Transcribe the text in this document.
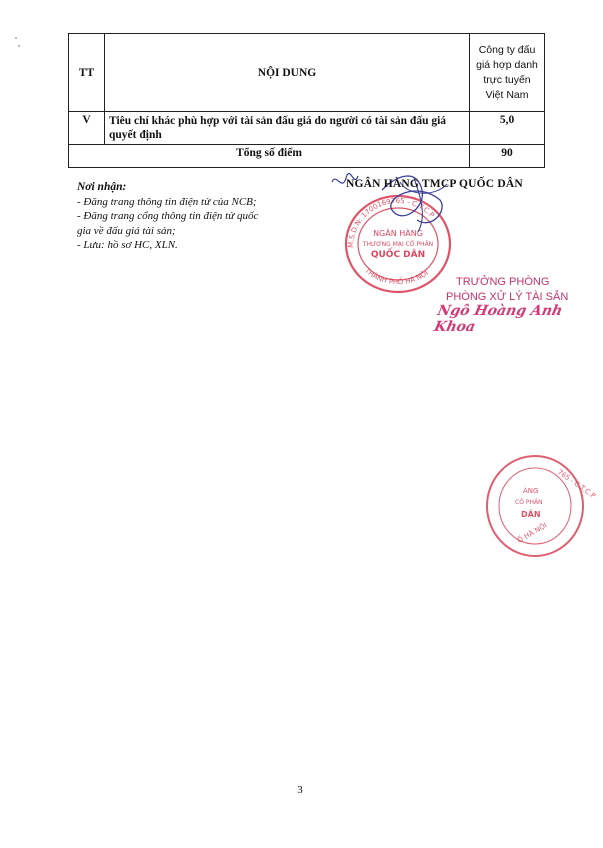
TT	NỘI DUNG	Công ty đấu
giá hợp danh
trực tuyến
Việt Nam

V	Tiêu chí khác phù hợp với tài sản đấu giá do người có tài sản đấu giá quyết định	5,0
Tổng số điểm		90
Nơi nhận:
- Đăng trang thông tin điện tử của NCB;
- Đăng trang cổng thông tin điện tử quốc gia về đấu giá tài sản;
- Lưu: hồ sơ HC, XLN.	M.S.D.N: 1700169765 - C.T.C.P
THÀNH PHỐ HÀ NỘI
NGÂN HÀNG
THƯƠNG MẠI CỔ PHẦN
QUỐC DÂN
NGÂN HÀNG TMCP QUỐC DÂN
TRƯỞNG PHÒNG
PHÒNG XỬ LÝ TÀI SẢN
Ngô Hoàng Anh Khoa
765 - C.T.C.P
ÀNG
CỔ PHẦN
DÂN
Ố HÀ NỘI
3
